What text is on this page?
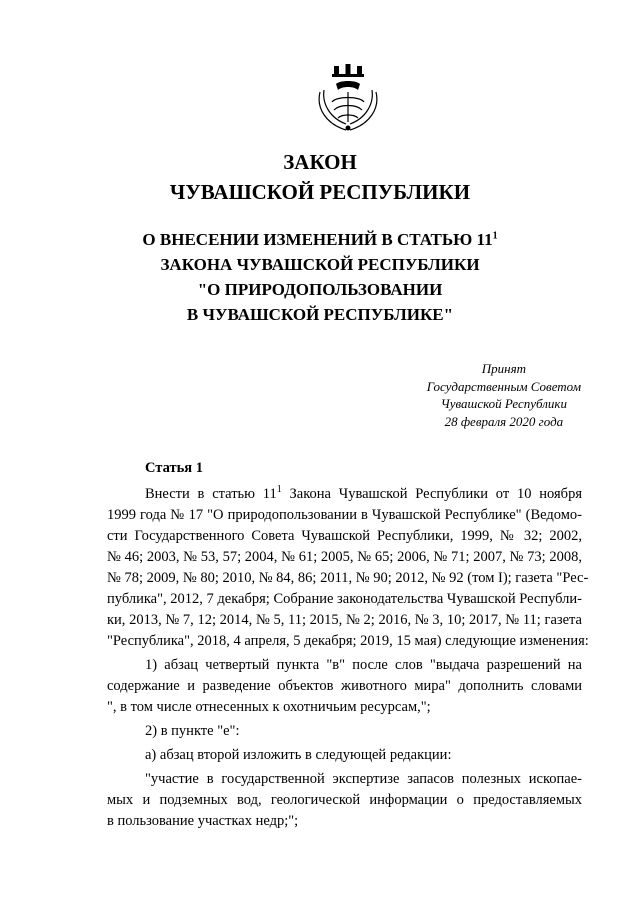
ЗАКОН
ЧУВАШСКОЙ РЕСПУБЛИКИ
О ВНЕСЕНИИ ИЗМЕНЕНИЙ В СТАТЬЮ $11^1$
ЗАКОНА ЧУВАШСКОЙ РЕСПУБЛИКИ
"О ПРИРОДОПОЛЬЗОВАНИИ
В ЧУВАШСКОЙ РЕСПУБЛИКЕ"
Принят
Государственным Советом
Чувашской Республики
28 февраля 2020 года
Статья 1
Внести в статью $11^1$ Закона Чувашской Республики от 10 ноября
1999 года № 17 "О природопользовании в Чувашской Республике" (Ведомо-
сти Государственного Совета Чувашской Республики, 1999, № 32; 2002,
№ 46; 2003, № 53, 57; 2004, № 61; 2005, № 65; 2006, № 71; 2007, № 73; 2008,
№ 78; 2009, № 80; 2010, № 84, 86; 2011, № 90; 2012, № 92 (том I); газета "Рес-
публика", 2012, 7 декабря; Собрание законодательства Чувашской Республи-
ки, 2013, № 7, 12; 2014, № 5, 11; 2015, № 2; 2016, № 3, 10; 2017, № 11; газета
"Республика", 2018, 4 апреля, 5 декабря; 2019, 15 мая) следующие изменения:
1) абзац четвертый пункта "в" после слов "выдача разрешений на
содержание и разведение объектов животного мира" дополнить словами
", в том числе отнесенных к охотничьим ресурсам,";
2) в пункте "е":
а) абзац второй изложить в следующей редакции:
"участие в государственной экспертизе запасов полезных ископае-
мых и подземных вод, геологической информации о предоставляемых
в пользование участках недр;";
